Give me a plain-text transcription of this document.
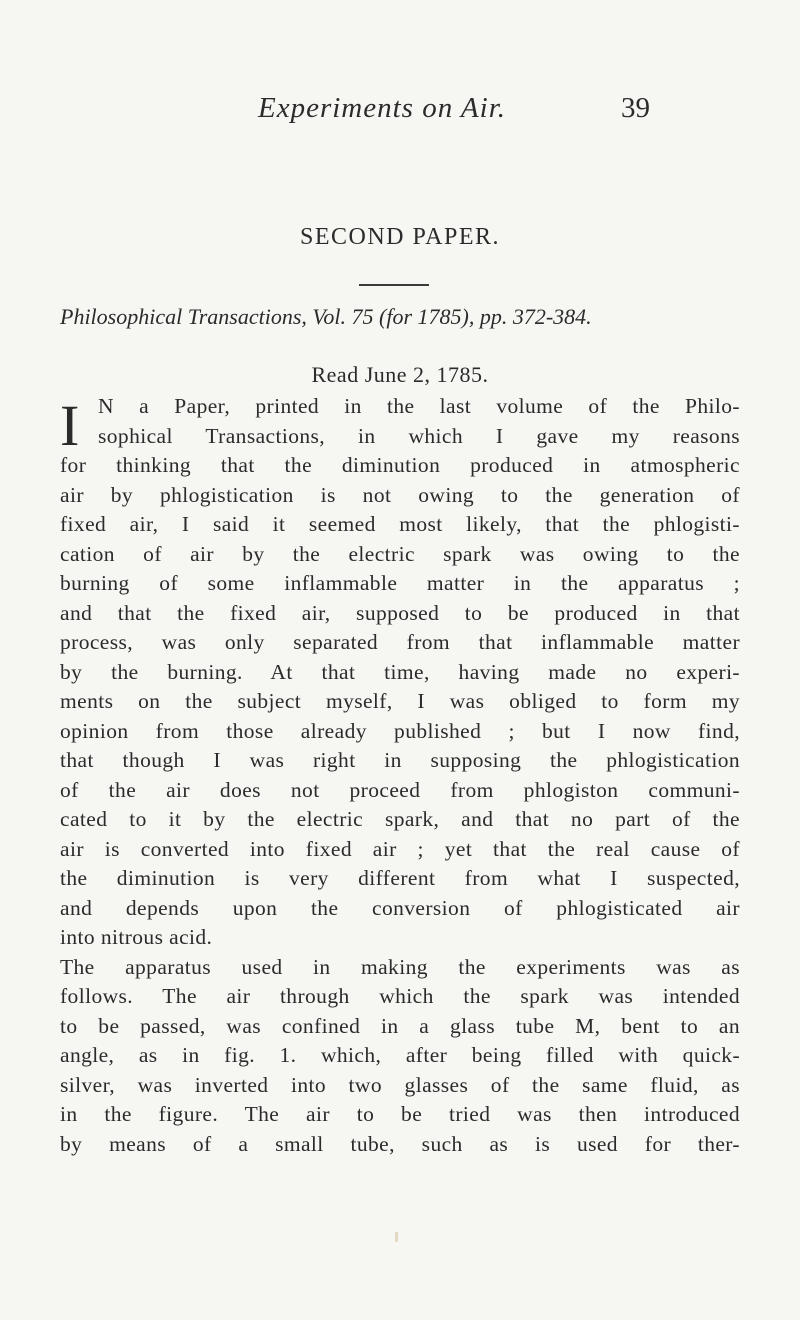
Experiments on Air.	39
SECOND PAPER.
Philosophical Transactions, Vol. 75 (for 1785), pp. 372-384.
Read June 2, 1785.
I N a Paper, printed in the last volume of the Philo-
sophical Transactions, in which I gave my reasons
for thinking that the diminution produced in atmospheric
air by phlogistication is not owing to the generation of
fixed air, I said it seemed most likely, that the phlogisti-
cation of air by the electric spark was owing to the
burning of some inflammable matter in the apparatus ;
and that the fixed air, supposed to be produced in that
process, was only separated from that inflammable matter
by the burning. At that time, having made no experi-
ments on the subject myself, I was obliged to form my
opinion from those already published ; but I now find,
that though I was right in supposing the phlogistication
of the air does not proceed from phlogiston communi-
cated to it by the electric spark, and that no part of the
air is converted into fixed air ; yet that the real cause of
the diminution is very different from what I suspected,
and depends upon the conversion of phlogisticated air
into nitrous acid.
The apparatus used in making the experiments was as
follows. The air through which the spark was intended
to be passed, was confined in a glass tube M, bent to an
angle, as in fig. 1. which, after being filled with quick-
silver, was inverted into two glasses of the same fluid, as
in the figure. The air to be tried was then introduced
by means of a small tube, such as is used for ther-
